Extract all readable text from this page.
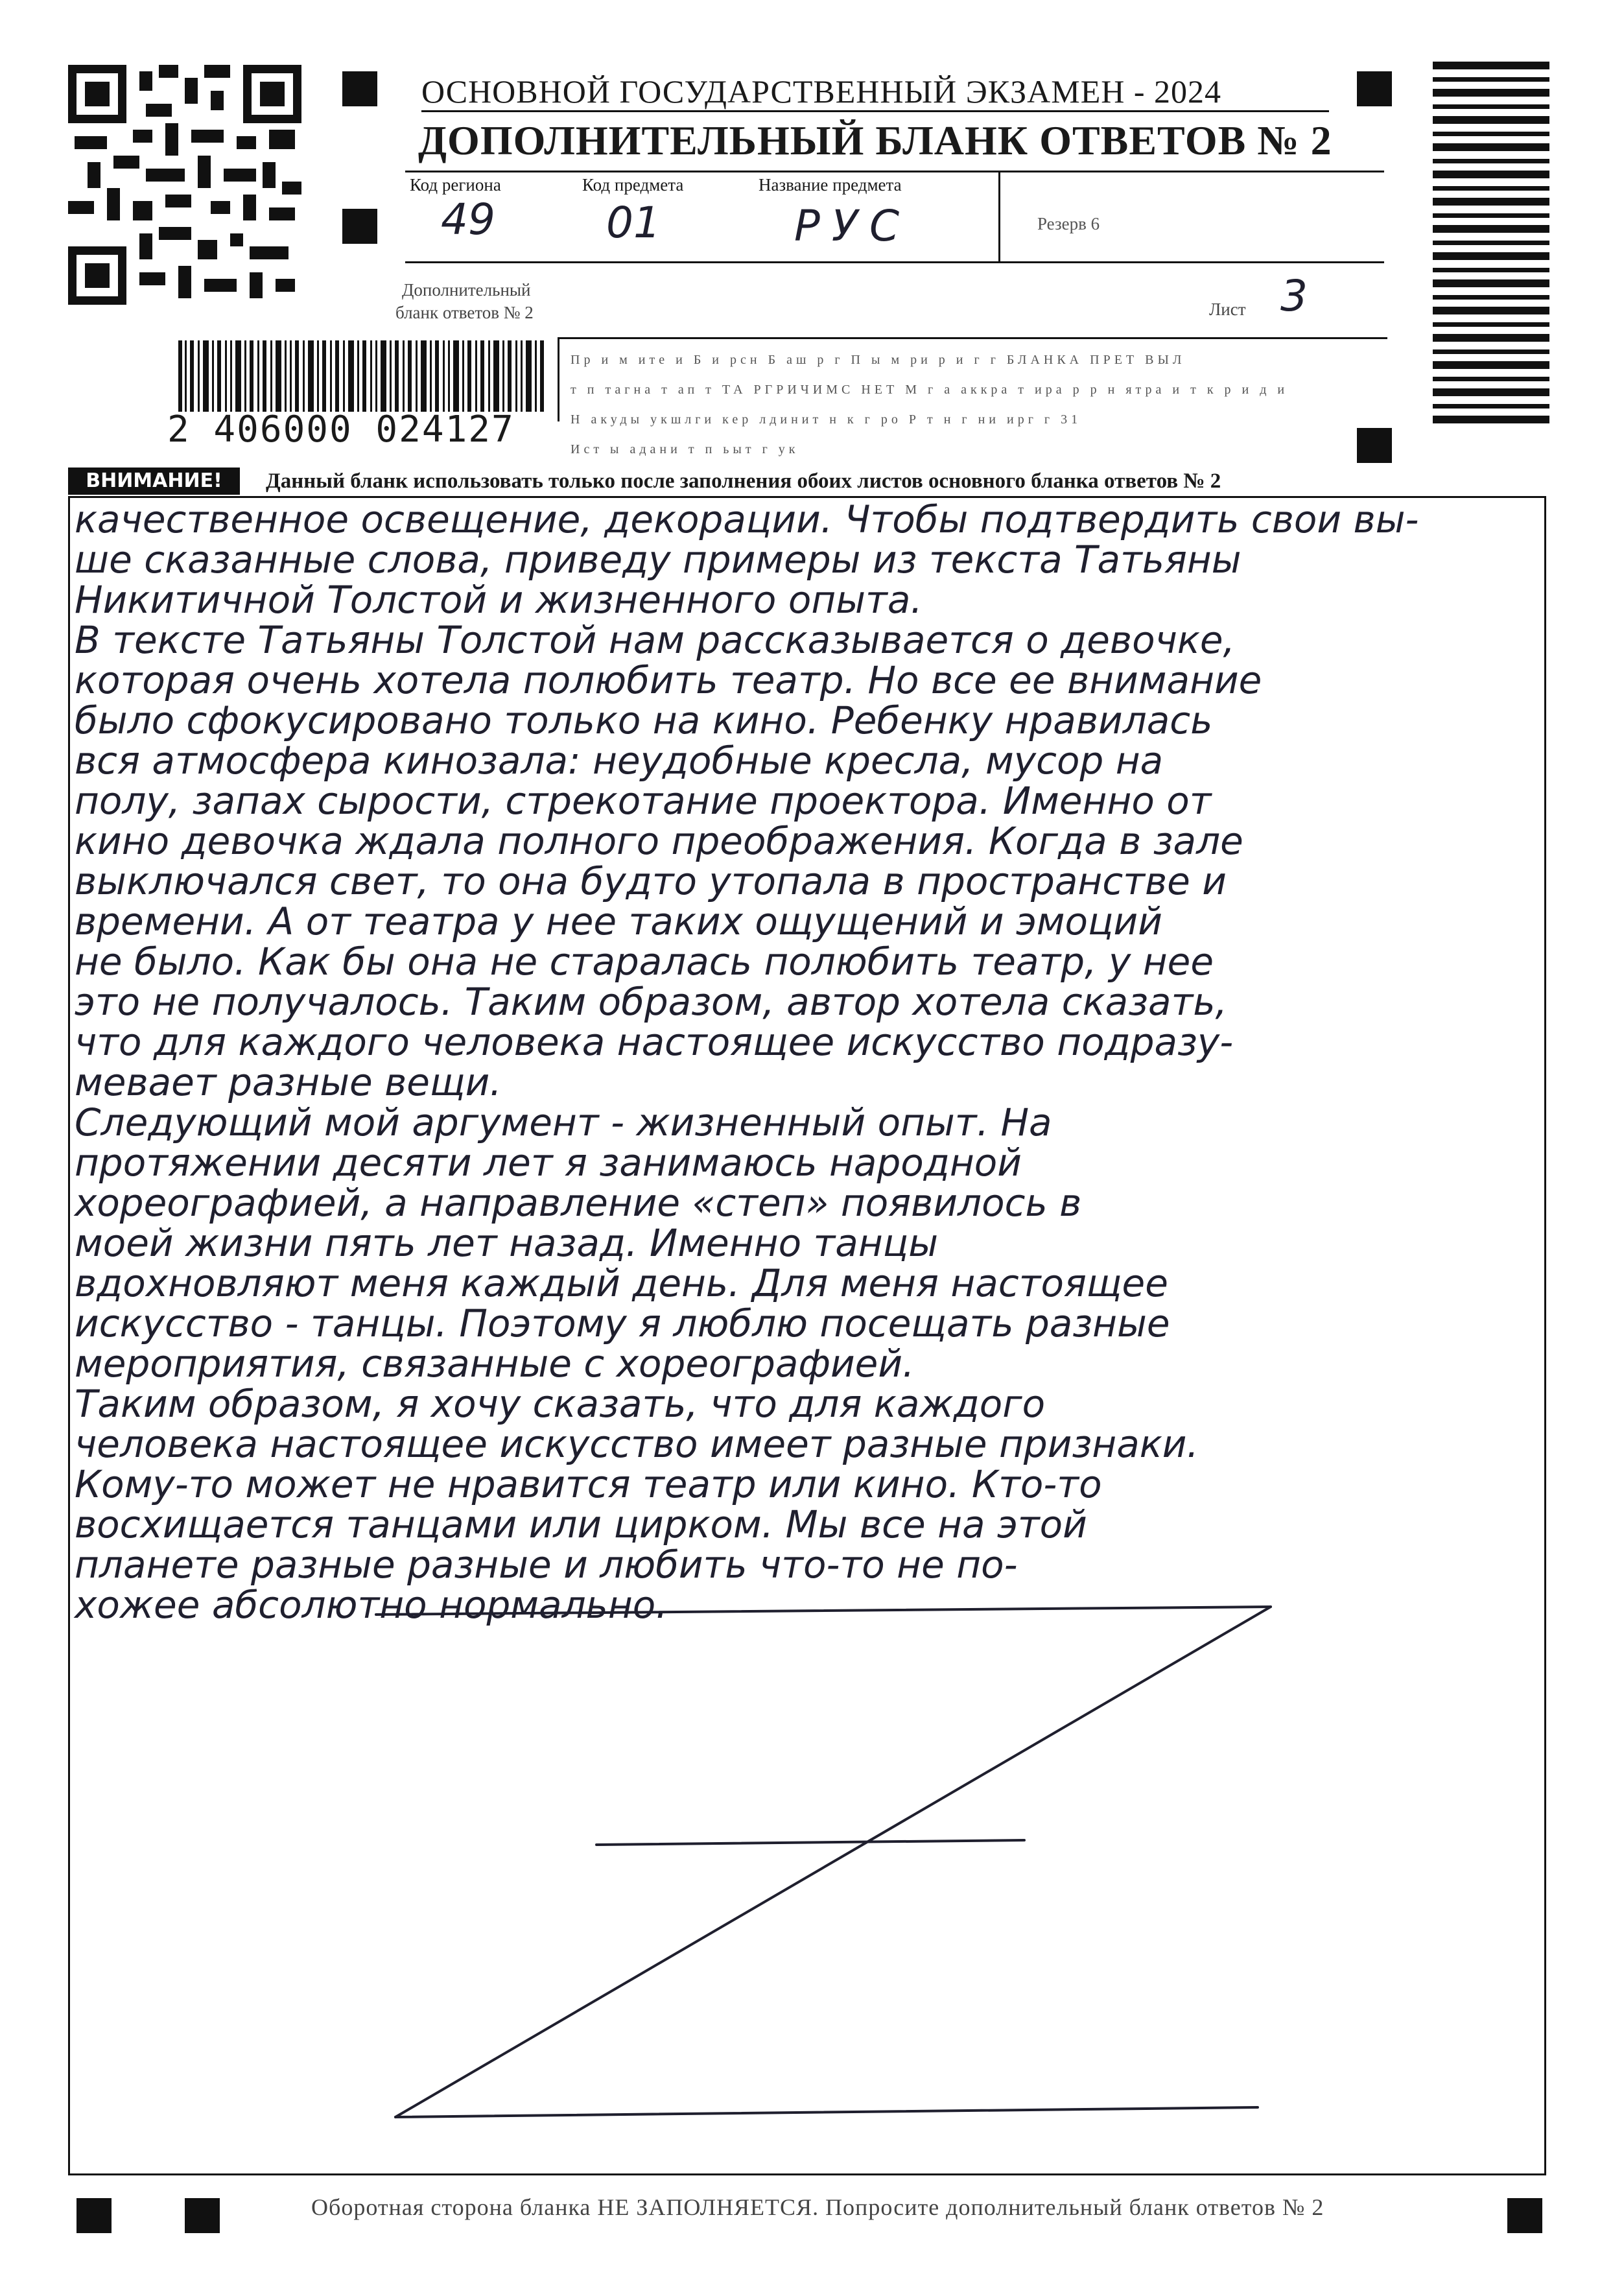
ОСНОВНОЙ ГОСУДАРСТВЕННЫЙ ЭКЗАМЕН - 2024
ДОПОЛНИТЕЛЬНЫЙ БЛАНК ОТВЕТОВ № 2
Код региона	Код предмета	Название предмета
Резерв 6
49	01	РУС
Дополнительный
бланк ответов № 2	Лист 3
2 406000 024127
Пр и м ите и Б и рсн Б аш р г П ы м ри р и г г БЛАНКА ПРЕТ ВЫЛ
т п тагна т ап т ТА РГРИЧИМС НЕТ М г а аккра т ира р р н ятра и т к р и д и
Н акуды укшлги кер лдинит н к г ро Р т н г ни ирг г 31
Ист ы адани т п ьыт г ук
ВНИМАНИЕ!	Данный бланк использовать только после заполнения обоих листов основного бланка ответов № 2

качественное освещение, декорации. Чтобы подтвердить свои вы-

ше сказанные слова, приведу примеры из текста Татьяны

Никитичной Толстой и жизненного опыта.

В тексте Татьяны Толстой нам рассказывается о девочке,

которая очень хотела полюбить театр. Но все ее внимание

было сфокусировано только на кино. Ребенку нравилась

вся атмосфера кинозала: неудобные кресла, мусор на

полу, запах сырости, стрекотание проектора. Именно от

кино девочка ждала полного преображения. Когда в зале

выключался свет, то она будто утопала в пространстве и

времени. А от театра у нее таких ощущений и эмоций

не было. Как бы она не старалась полюбить театр, у нее

это не получалось. Таким образом, автор хотела сказать,

что для каждого человека настоящее искусство подразу-

мевает разные вещи.

Следующий мой аргумент - жизненный опыт. На

протяжении десяти лет я занимаюсь народной

хореографией, а направление «степ» появилось в

моей жизни пять лет назад. Именно танцы

вдохновляют меня каждый день. Для меня настоящее

искусство - танцы. Поэтому я люблю посещать разные

мероприятия, связанные с хореографией.

Таким образом, я хочу сказать, что для каждого

человека настоящее искусство имеет разные признаки.

Кому-то может не нравится театр или кино. Кто-то

восхищается танцами или цирком. Мы все на этой

планете разные разные и любить что-то не по-

хожее абсолютно нормально.

Оборотная сторона бланка НЕ ЗАПОЛНЯЕТСЯ. Попросите дополнительный бланк ответов № 2
